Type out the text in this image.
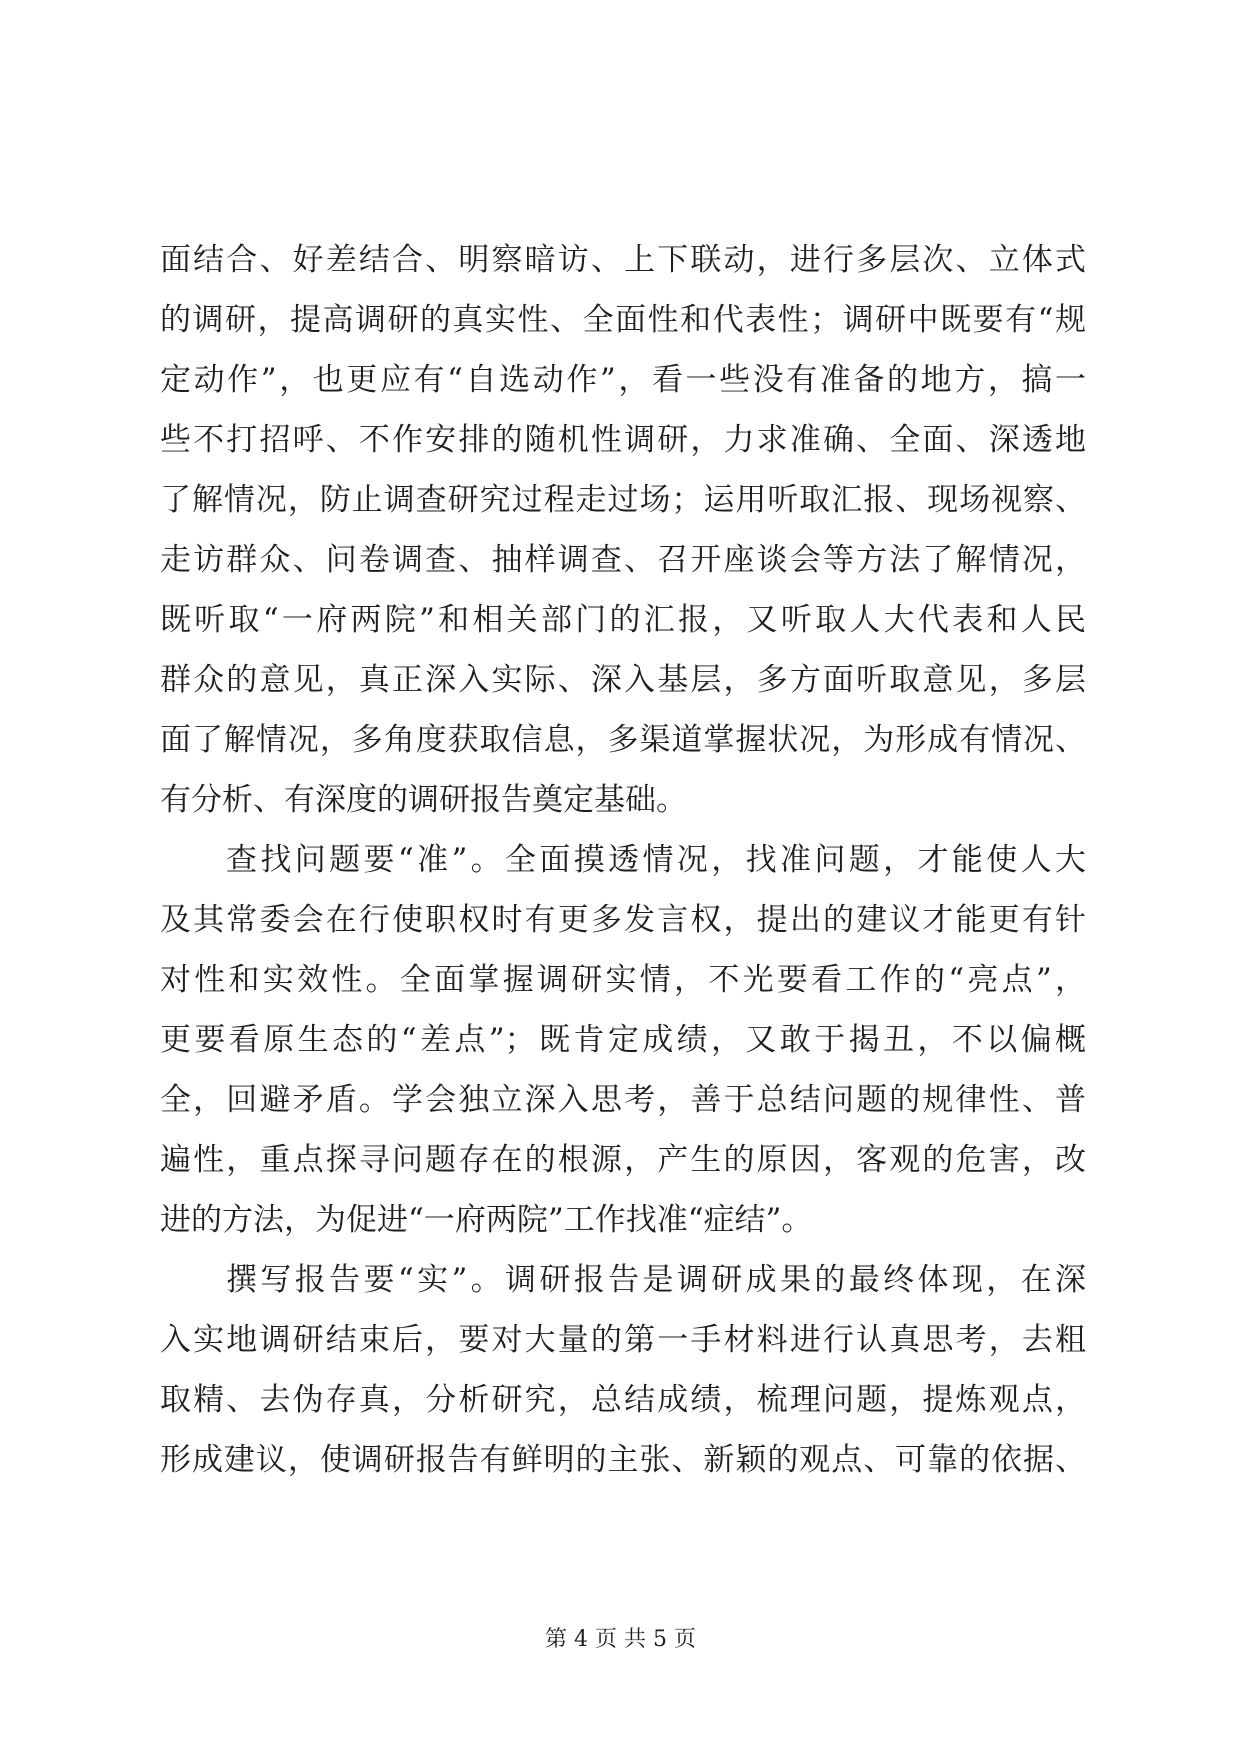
面结合、好差结合、明察暗访、上下联动，进行多层次、立体式
的调研，提高调研的真实性、全面性和代表性；调研中既要有“规
定动作”，也更应有“自选动作”，看一些没有准备的地方，搞一
些不打招呼、不作安排的随机性调研，力求准确、全面、深透地
了解情况，防止调查研究过程走过场；运用听取汇报、现场视察、
走访群众、问卷调查、抽样调查、召开座谈会等方法了解情况，
既听取“一府两院”和相关部门的汇报，又听取人大代表和人民
群众的意见，真正深入实际、深入基层，多方面听取意见，多层
面了解情况，多角度获取信息，多渠道掌握状况，为形成有情况、
有分析、有深度的调研报告奠定基础。
查找问题要“准”。全面摸透情况，找准问题，才能使人大
及其常委会在行使职权时有更多发言权，提出的建议才能更有针
对性和实效性。全面掌握调研实情，不光要看工作的“亮点”，
更要看原生态的“差点”；既肯定成绩，又敢于揭丑，不以偏概
全，回避矛盾。学会独立深入思考，善于总结问题的规律性、普
遍性，重点探寻问题存在的根源，产生的原因，客观的危害，改
进的方法，为促进“一府两院”工作找准“症结”。
撰写报告要“实”。调研报告是调研成果的最终体现，在深
入实地调研结束后，要对大量的第一手材料进行认真思考，去粗
取精、去伪存真，分析研究，总结成绩，梳理问题，提炼观点，
形成建议，使调研报告有鲜明的主张、新颖的观点、可靠的依据、
第 4 页 共 5 页
